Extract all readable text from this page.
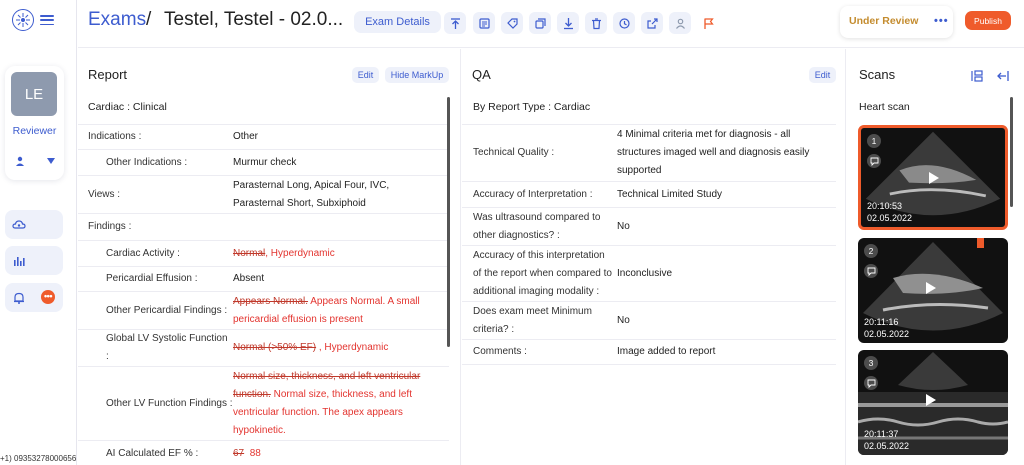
LE
Reviewer
•••
+1) 09353278000656
Exams / Testel, Testel - 02.0...	Exam Details	Under Review •••	Publish
Report	Edit	Hide MarkUp
Cardiac : Clinical
Indications :	Other
Other Indications :	Murmur check
Views :
Parasternal Long, Apical Four, IVC, Parasternal Short, Subxiphoid
Findings :
Cardiac Activity :	Normal, Hyperdynamic
Pericardial Effusion :	Absent
Other Pericardial Findings :
Appears Normal. Appears Normal. A small pericardial effusion is present
Global LV Systolic Function :
Normal (>50% EF) , Hyperdynamic
Other LV Function Findings :
Normal size, thickness, and left ventricular function. Normal size, thickness, and left ventricular function. The apex appears hypokinetic.
AI Calculated EF % :	67 88
QA	Edit
By Report Type : Cardiac
Technical Quality :
4 Minimal criteria met for diagnosis - all structures imaged well and diagnosis easily supported
Accuracy of Interpretation :	Technical Limited Study
Was ultrasound compared to other diagnostics? :
No
Accuracy of this interpretation of the report when compared to additional imaging modality :
Inconclusive
Does exam meet Minimum criteria? :
No
Comments :	Image added to report
Scans
Heart scan
1
20:10:53
02.05.2022
2
20:11:16
02.05.2022
3
20:11:37
02.05.2022
